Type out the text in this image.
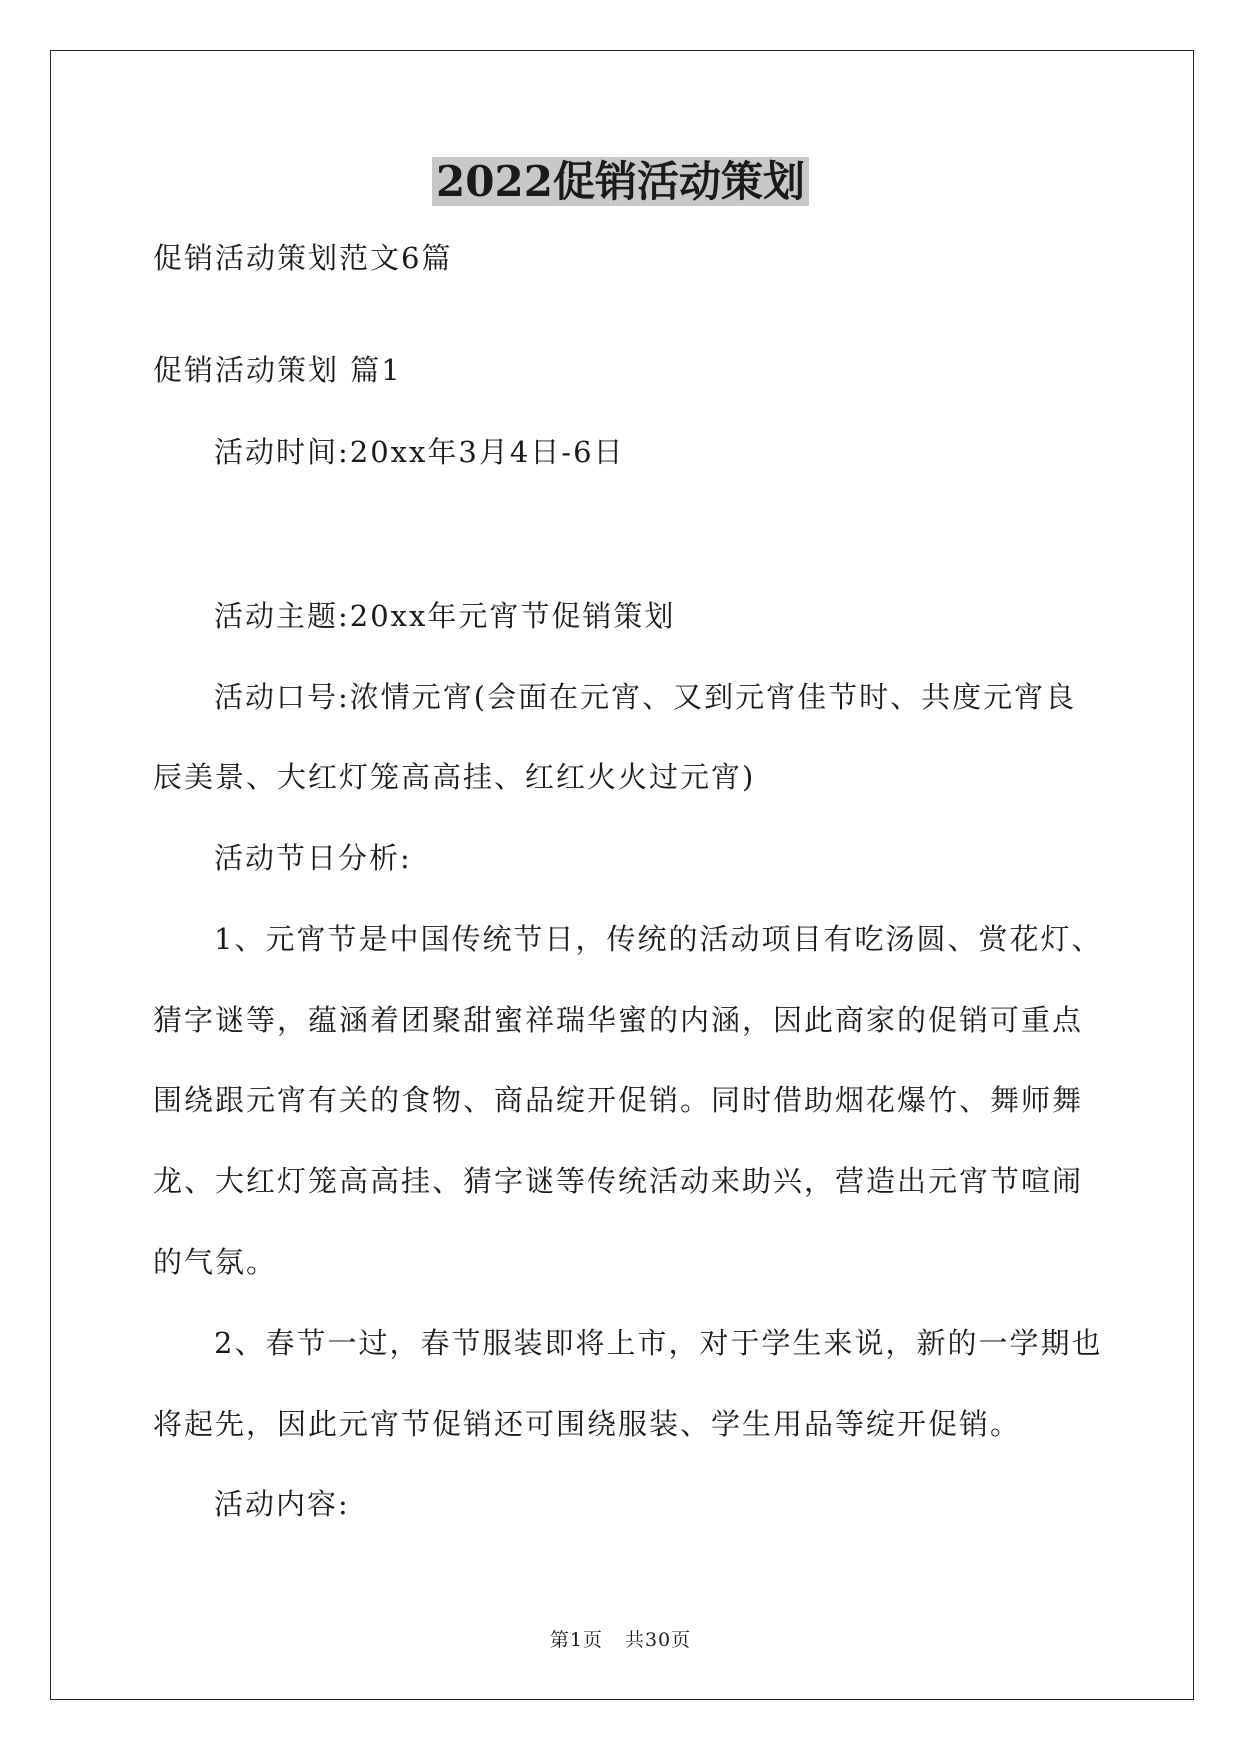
2022促销活动策划
促销活动策划范文6篇
促销活动策划 篇1
活动时间:20xx年3月4日-6日
活动主题:20xx年元宵节促销策划
活动口号:浓情元宵(会面在元宵、又到元宵佳节时、共度元宵良
辰美景、大红灯笼高高挂、红红火火过元宵)
活动节日分析:
1、元宵节是中国传统节日，传统的活动项目有吃汤圆、赏花灯、
猜字谜等，蕴涵着团聚甜蜜祥瑞华蜜的内涵，因此商家的促销可重点
围绕跟元宵有关的食物、商品绽开促销。同时借助烟花爆竹、舞师舞
龙、大红灯笼高高挂、猜字谜等传统活动来助兴，营造出元宵节喧闹
的气氛。
2、春节一过，春节服装即将上市，对于学生来说，新的一学期也
将起先，因此元宵节促销还可围绕服装、学生用品等绽开促销。
活动内容:
第1页 共30页
